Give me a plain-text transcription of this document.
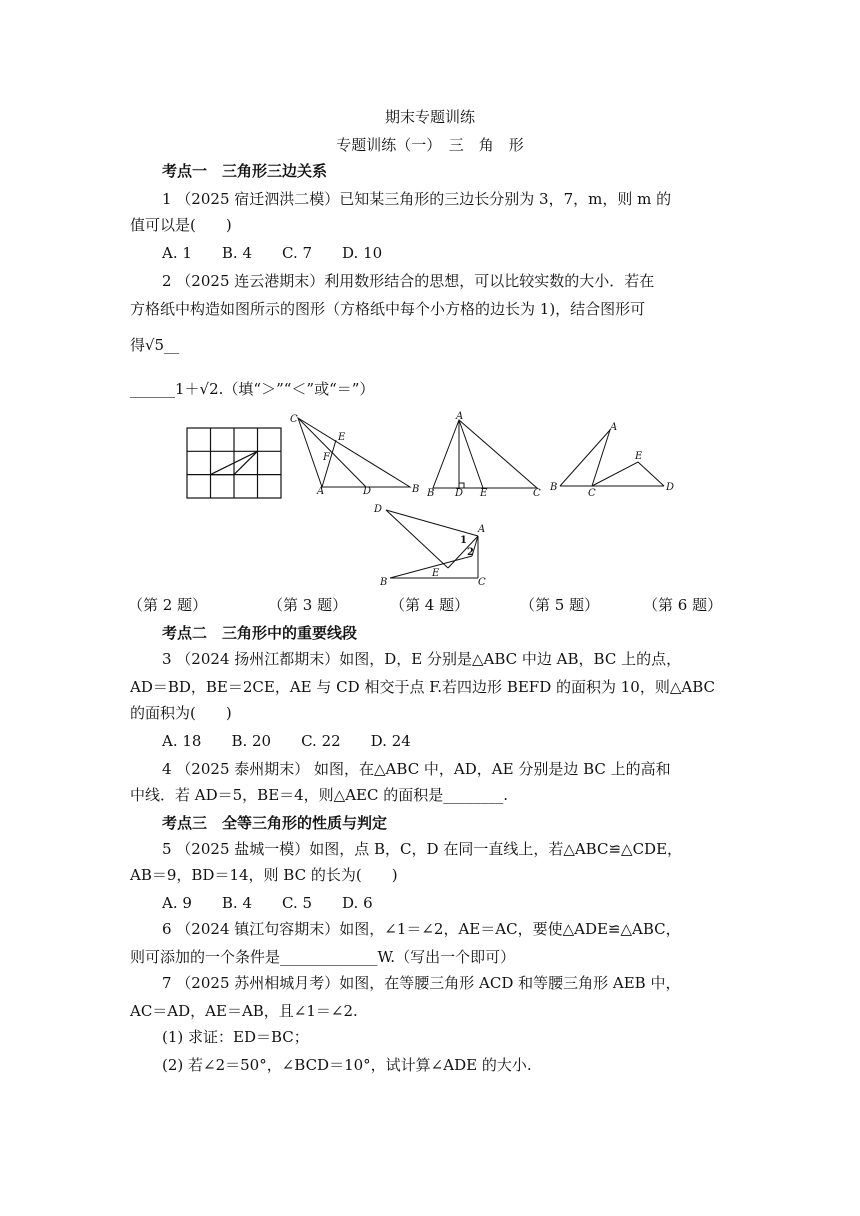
期末专题训练
专题训练（一）　三　角　形
考点一　三角形三边关系
1 （2025 宿迁泗洪二模）已知某三角形的三边长分别为 3，7，m，则 m 的
值可以是(　　)
A. 1　　B. 4　　C. 7　　D. 10
2 （2025 连云港期末）利用数形结合的思想，可以比较实数的大小．若在
方格纸中构造如图所示的图形（方格纸中每个小方格的边长为 1)，结合图形可
得√5__
______1＋√2.（填“＞”“＜”或“＝”）
C
E
F
A	D	B
A
B D E	C
A
E
B
C
D
D
A
1
2
E
B	C
（第 2 题）	（第 3 题）	（第 4 题）	（第 5 题）	（第 6 题）
考点二　三角形中的重要线段
3 （2024 扬州江都期末）如图，D，E 分别是△ABC 中边 AB，BC 上的点，
AD＝BD，BE＝2CE，AE 与 CD 相交于点 F.若四边形 BEFD 的面积为 10，则△ABC
的面积为(　　)
A. 18　　B. 20　　C. 22　　D. 24
4 （2025 泰州期末） 如图，在△ABC 中，AD，AE 分别是边 BC 上的高和
中线．若 AD＝5，BE＝4，则△AEC 的面积是________.
考点三　全等三角形的性质与判定
5 （2025 盐城一模）如图，点 B，C，D 在同一直线上，若△ABC≌△CDE，
AB＝9，BD＝14，则 BC 的长为(　　)
A. 9　　B. 4　　C. 5　　D. 6
6 （2024 镇江句容期末）如图，∠1＝∠2，AE＝AC，要使△ADE≌△ABC，
则可添加的一个条件是_____________W.（写出一个即可）
7 （2025 苏州相城月考）如图，在等腰三角形 ACD 和等腰三角形 AEB 中，
AC＝AD，AE＝AB，且∠1＝∠2.
(1) 求证：ED＝BC；
(2) 若∠2＝50°，∠BCD＝10°，试计算∠ADE 的大小.
